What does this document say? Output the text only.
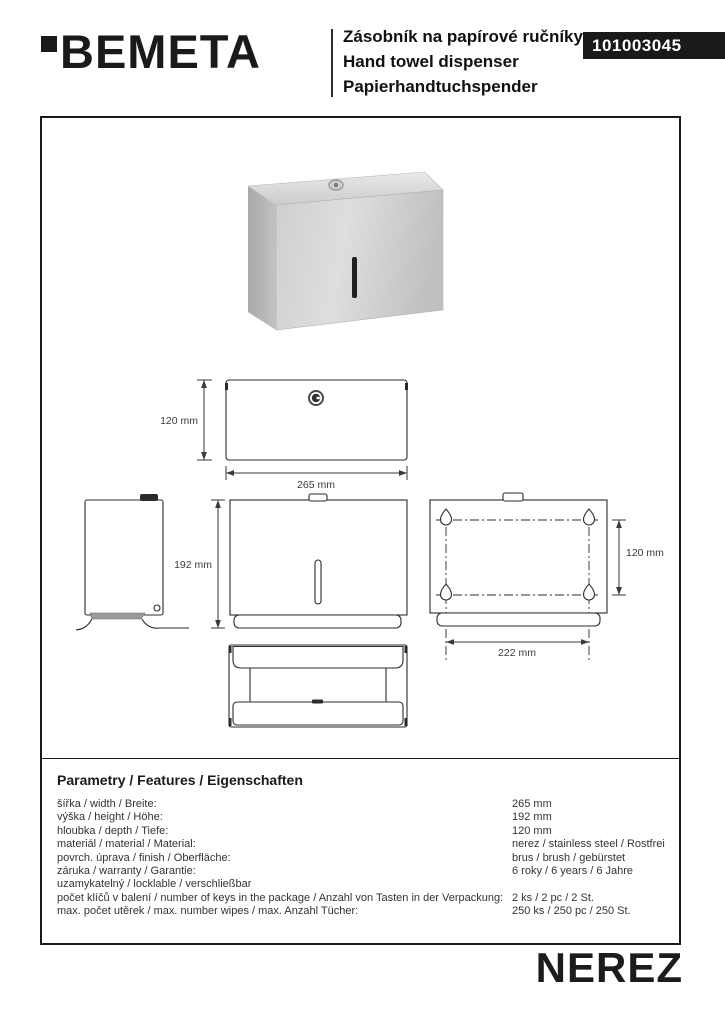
BEMETA	Zásobník na papírové ručníky
Hand towel dispenser
Papierhandtuchspender
101003045
120 mm
265 mm
192 mm
120 mm
222 mm
Parametry / Features / Eigenschaften
šířka / width / Breite:	265 mm
výška / height / Höhe:	192 mm
hloubka / depth / Tiefe:	120 mm
materiál / material / Material:	nerez / stainless steel / Rostfrei
povrch. úprava / finish / Oberfläche:	brus / brush / gebürstet
záruka / warranty / Garantie:	6 roky / 6 years / 6 Jahre
uzamykatelný / locklable / verschließbar
počet klíčů v balení / number of keys in the package / Anzahl von Tasten in der Verpackung: 2 ks / 2 pc / 2 St.
max. počet utěrek / max. number wipes / max. Anzahl Tücher:	250 ks / 250 pc / 250 St.
NEREZ
